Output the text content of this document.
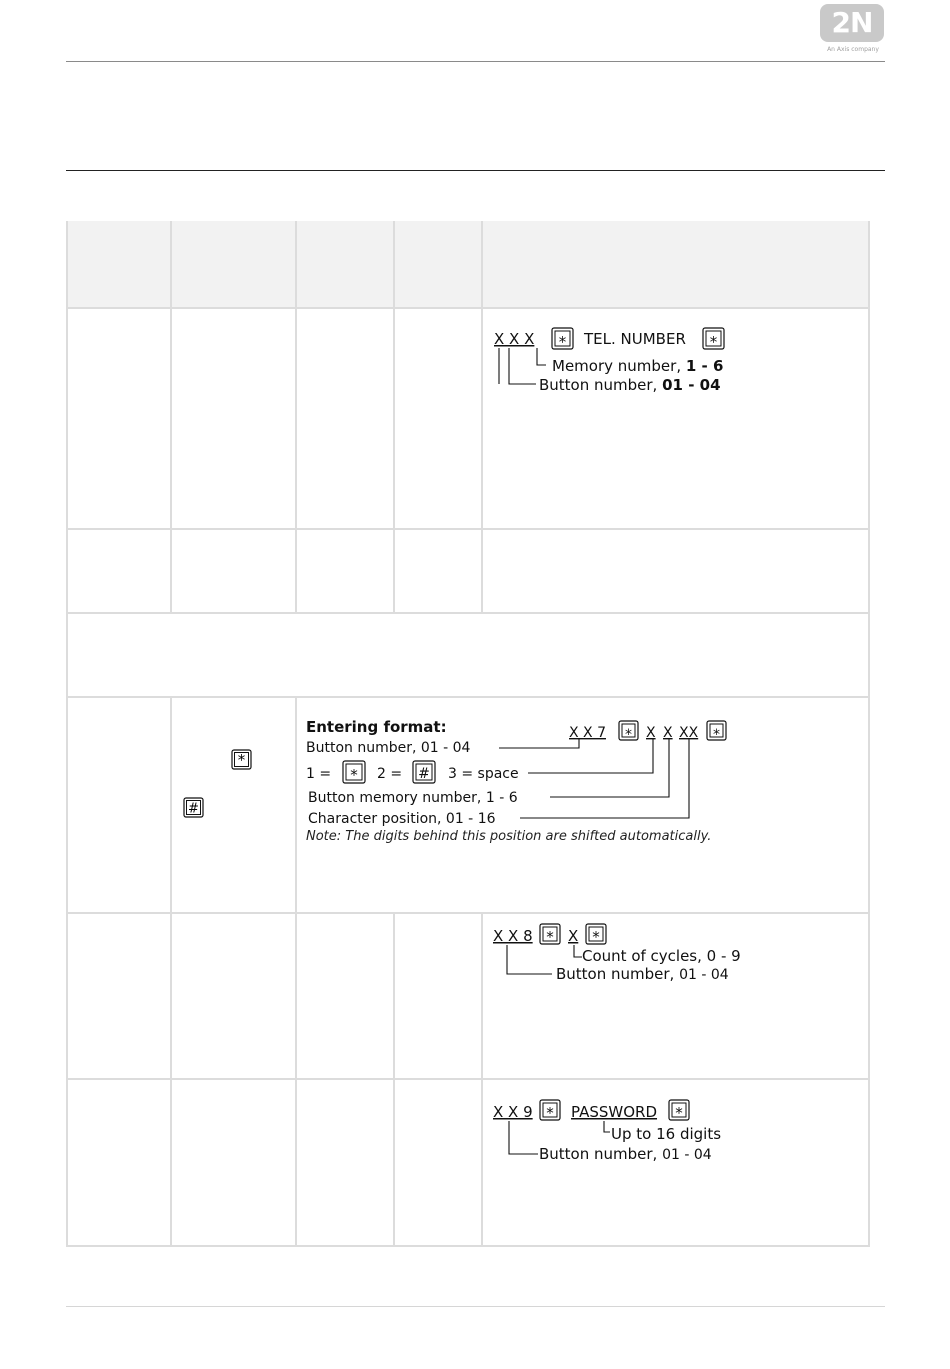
2N
An Axis company
*
#
X X X * TEL. NUMBER *
Memory number, 1 - 6
Button number, 01 - 04
Entering format:	X X 7 * X X XX *
Button number, 01 - 04
1 = * 2 = # 3 = space
Button memory number, 1 - 6
Character position, 01 - 16
Note: The digits behind this position are shifted automatically.
X X 8 * X *
Count of cycles, 0 - 9
Button number, 01 - 04
X X 9 * PASSWORD *
Up to 16 digits
Button number, 01 - 04
